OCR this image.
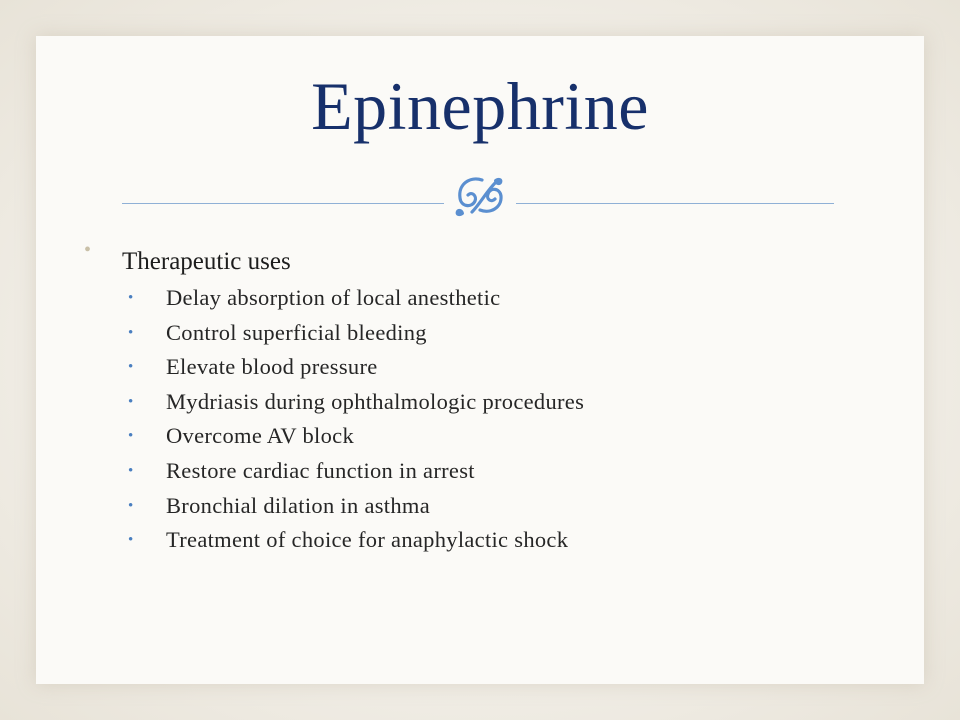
Epinephrine
• Therapeutic uses
•	Delay absorption of local anesthetic
•	Control superficial bleeding
•	Elevate blood pressure
•	Mydriasis during ophthalmologic procedures
•	Overcome AV block
•	Restore cardiac function in arrest
•	Bronchial dilation in asthma
•	Treatment of choice for anaphylactic shock
